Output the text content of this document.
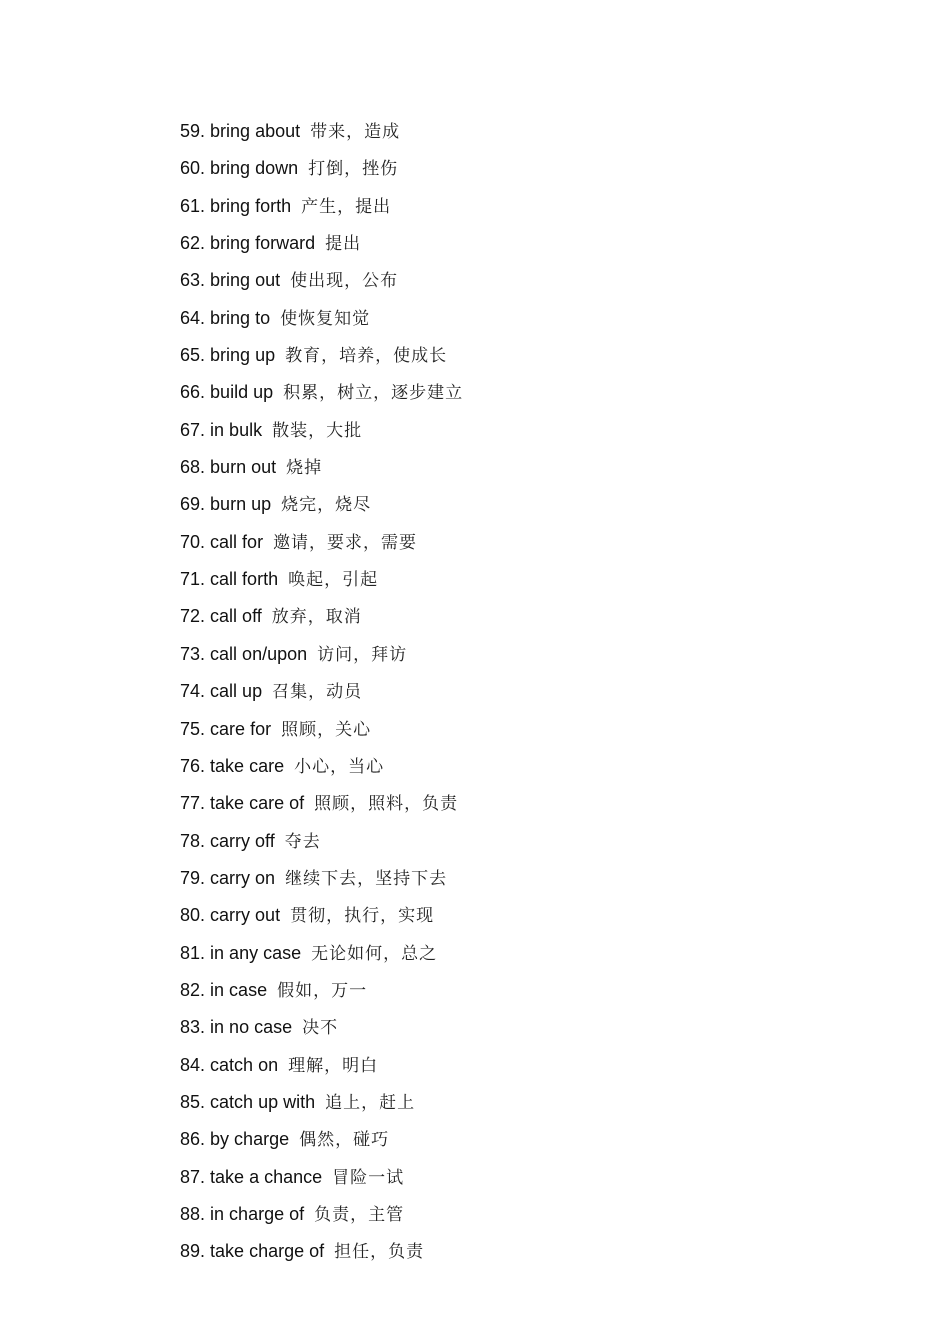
59. bring about 带来，造成
60. bring down 打倒，挫伤
61. bring forth 产生，提出
62. bring forward 提出
63. bring out 使出现，公布
64. bring to 使恢复知觉
65. bring up 教育，培养，使成长
66. build up 积累，树立，逐步建立
67. in bulk 散装，大批
68. burn out 烧掉
69. burn up 烧完，烧尽
70. call for 邀请，要求，需要
71. call forth 唤起，引起
72. call off 放弃，取消
73. call on/upon 访问，拜访
74. call up 召集，动员
75. care for 照顾，关心
76. take care 小心，当心
77. take care of 照顾，照料，负责
78. carry off 夺去
79. carry on 继续下去，坚持下去
80. carry out 贯彻，执行，实现
81. in any case 无论如何，总之
82. in case 假如，万一
83. in no case 决不
84. catch on 理解，明白
85. catch up with 追上，赶上
86. by charge 偶然，碰巧
87. take a chance 冒险一试
88. in charge of 负责，主管
89. take charge of 担任，负责
